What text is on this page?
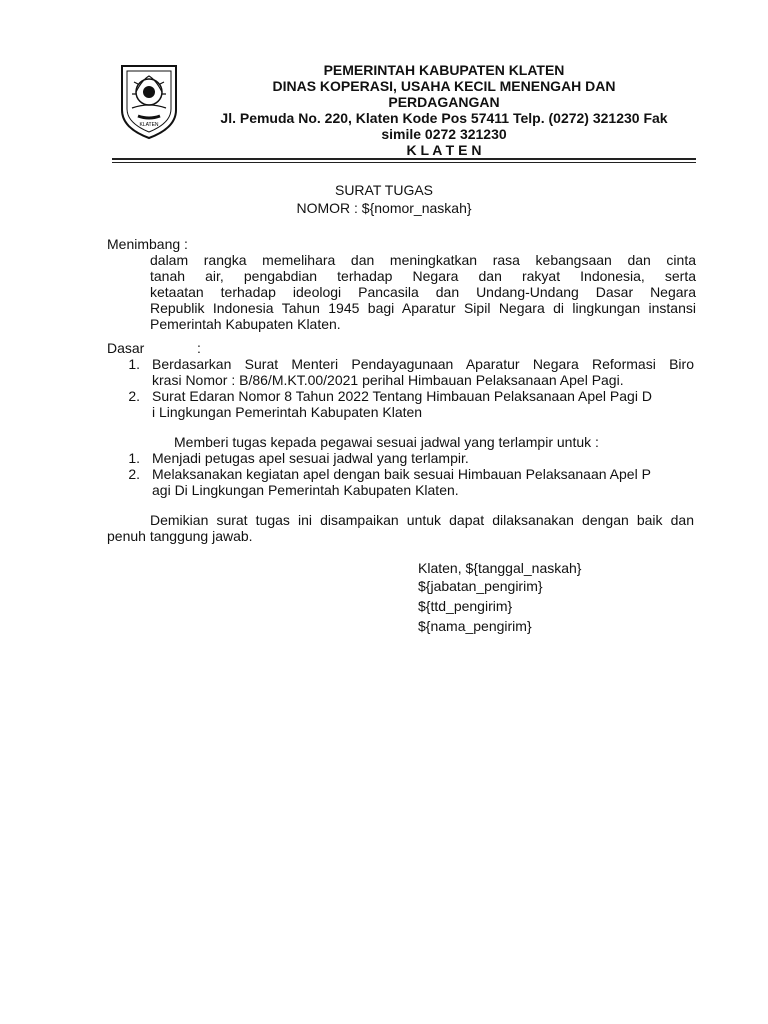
KLATEN
PEMERINTAH KABUPATEN KLATEN
DINAS KOPERASI, USAHA KECIL MENENGAH DAN
PERDAGANGAN
Jl. Pemuda No. 220, Klaten Kode Pos 57411 Telp. (0272) 321230 Fak
simile 0272 321230
K L A T E N
SURAT TUGAS
NOMOR : ${nomor_naskah}
Menimbang :
dalam rangka memelihara dan meningkatkan rasa kebangsaan dan cinta
tanah air, pengabdian terhadap Negara dan rakyat Indonesia, serta
ketaatan terhadap ideologi Pancasila dan Undang-Undang Dasar Negara
Republik Indonesia Tahun 1945 bagi Aparatur Sipil Negara di lingkungan instansi
Pemerintah Kabupaten Klaten.
Dasar	:
1. Berdasarkan Surat Menteri Pendayagunaan Aparatur Negara Reformasi Biro
krasi Nomor : B/86/M.KT.00/2021 perihal Himbauan Pelaksanaan Apel Pagi.
2. Surat Edaran Nomor 8 Tahun 2022 Tentang Himbauan Pelaksanaan Apel Pagi D
i Lingkungan Pemerintah Kabupaten Klaten
Memberi tugas kepada pegawai sesuai jadwal yang terlampir untuk :
1. Menjadi petugas apel sesuai jadwal yang terlampir.
2. Melaksanakan kegiatan apel dengan baik sesuai Himbauan Pelaksanaan Apel P
agi Di Lingkungan Pemerintah Kabupaten Klaten.
Demikian surat tugas ini disampaikan untuk dapat dilaksanakan dengan baik dan
penuh tanggung jawab.
Klaten, ${tanggal_naskah}
${jabatan_pengirim}
${ttd_pengirim}
${nama_pengirim}
